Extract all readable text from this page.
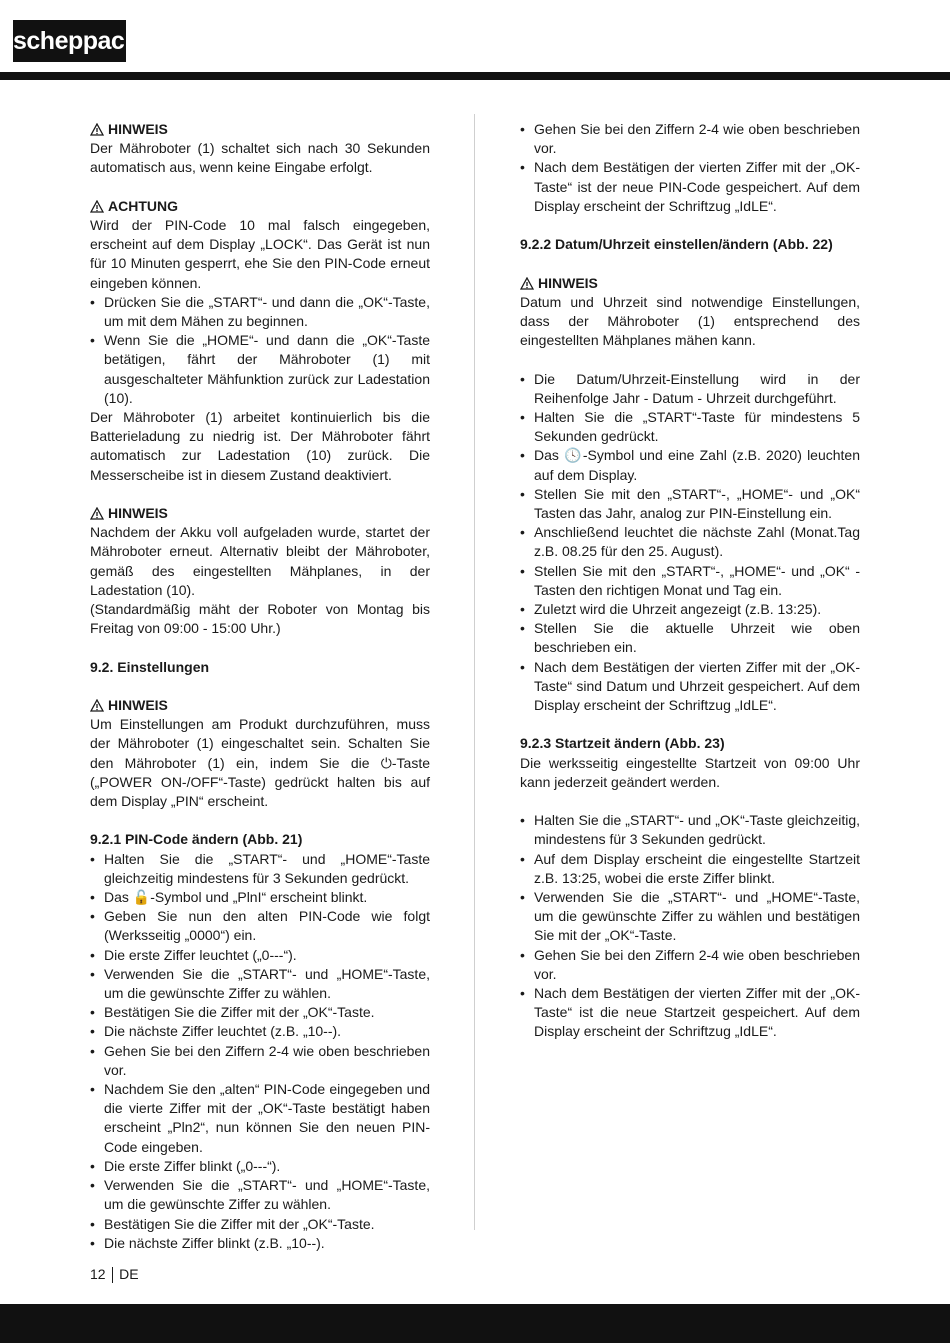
scheppach
HINWEIS

Der Mähroboter (1) schaltet sich nach 30 Sekunden automatisch aus, wenn keine Eingabe erfolgt.

ACHTUNG

Wird der PIN-Code 10 mal falsch eingegeben, erscheint auf dem Display „LOCK“. Das Gerät ist nun für 10 Minuten gesperrt, ehe Sie den PIN-Code erneut eingeben können.

• Drücken Sie die „START“- und dann die „OK“-Taste, um mit dem Mähen zu beginnen.
• Wenn Sie die „HOME“- und dann die „OK“-Taste betätigen, fährt der Mähroboter (1) mit ausgeschalteter Mähfunktion zurück zur Ladestation (10).

Der Mähroboter (1) arbeitet kontinuierlich bis die Batterieladung zu niedrig ist. Der Mähroboter fährt automatisch zur Ladestation (10) zurück. Die Messerscheibe ist in diesem Zustand deaktiviert.

HINWEIS

Nachdem der Akku voll aufgeladen wurde, startet der Mähroboter erneut. Alternativ bleibt der Mähroboter, gemäß des eingestellten Mähplanes, in der Ladestation (10).

(Standardmäßig mäht der Roboter von Montag bis Freitag von 09:00 - 15:00 Uhr.)

9.2. Einstellungen
HINWEIS

Um Einstellungen am Produkt durchzuführen, muss der Mähroboter (1) eingeschaltet sein. Schalten Sie den Mähroboter (1) ein, indem Sie die ⏻-Taste („POWER ON-/OFF“-Taste) gedrückt halten bis auf dem Display „PIN“ erscheint.

9.2.1 PIN-Code ändern (Abb. 21)
• Halten Sie die „START“- und „HOME“-Taste gleichzeitig mindestens für 3 Sekunden gedrückt.
• Das 🔓-Symbol und „PlnI“ erscheint blinkt.
• Geben Sie nun den alten PIN-Code wie folgt (Werksseitig „0000“) ein.
• Die erste Ziffer leuchtet („0---“).
• Verwenden Sie die „START“- und „HOME“-Taste, um die gewünschte Ziffer zu wählen.
• Bestätigen Sie die Ziffer mit der „OK“-Taste.
• Die nächste Ziffer leuchtet (z.B. „10--).
• Gehen Sie bei den Ziffern 2-4 wie oben beschrieben vor.
• Nachdem Sie den „alten“ PIN-Code eingegeben und die vierte Ziffer mit der „OK“-Taste bestätigt haben erscheint „Pln2“, nun können Sie den neuen PIN-Code eingeben.
• Die erste Ziffer blinkt („0---“).
• Verwenden Sie die „START“- und „HOME“-Taste, um die gewünschte Ziffer zu wählen.
• Bestätigen Sie die Ziffer mit der „OK“-Taste.
• Die nächste Ziffer blinkt (z.B. „10--).
• Gehen Sie bei den Ziffern 2-4 wie oben beschrieben vor.
• Nach dem Bestätigen der vierten Ziffer mit der „OK-Taste“ ist der neue PIN-Code gespeichert. Auf dem Display erscheint der Schriftzug „IdLE“.
9.2.2 Datum/Uhrzeit einstellen/ändern (Abb. 22)
HINWEIS

Datum und Uhrzeit sind notwendige Einstellungen, dass der Mähroboter (1) entsprechend des eingestellten Mähplanes mähen kann.

• Die Datum/Uhrzeit-Einstellung wird in der Reihenfolge Jahr - Datum - Uhrzeit durchgeführt.
• Halten Sie die „START“-Taste für mindestens 5 Sekunden gedrückt.
• Das 🕓-Symbol und eine Zahl (z.B. 2020) leuchten auf dem Display.
• Stellen Sie mit den „START“-, „HOME“- und „OK“ Tasten das Jahr, analog zur PIN-Einstellung ein.
• Anschließend leuchtet die nächste Zahl (Monat.Tag z.B. 08.25 für den 25. August).
• Stellen Sie mit den „START“-, „HOME“- und „OK“ - Tasten den richtigen Monat und Tag ein.
• Zuletzt wird die Uhrzeit angezeigt (z.B. 13:25).
• Stellen Sie die aktuelle Uhrzeit wie oben beschrieben ein.
• Nach dem Bestätigen der vierten Ziffer mit der „OK-Taste“ sind Datum und Uhrzeit gespeichert. Auf dem Display erscheint der Schriftzug „IdLE“.
9.2.3 Startzeit ändern (Abb. 23)

Die werksseitig eingestellte Startzeit von 09:00 Uhr kann jederzeit geändert werden.

• Halten Sie die „START“- und „OK“-Taste gleichzeitig, mindestens für 3 Sekunden gedrückt.
• Auf dem Display erscheint die eingestellte Startzeit z.B. 13:25, wobei die erste Ziffer blinkt.
• Verwenden Sie die „START“- und „HOME“-Taste, um die gewünschte Ziffer zu wählen und bestätigen Sie mit der „OK“-Taste.
• Gehen Sie bei den Ziffern 2-4 wie oben beschrieben vor.
• Nach dem Bestätigen der vierten Ziffer mit der „OK-Taste“ ist die neue Startzeit gespeichert. Auf dem Display erscheint der Schriftzug „IdLE“.
12 DE
